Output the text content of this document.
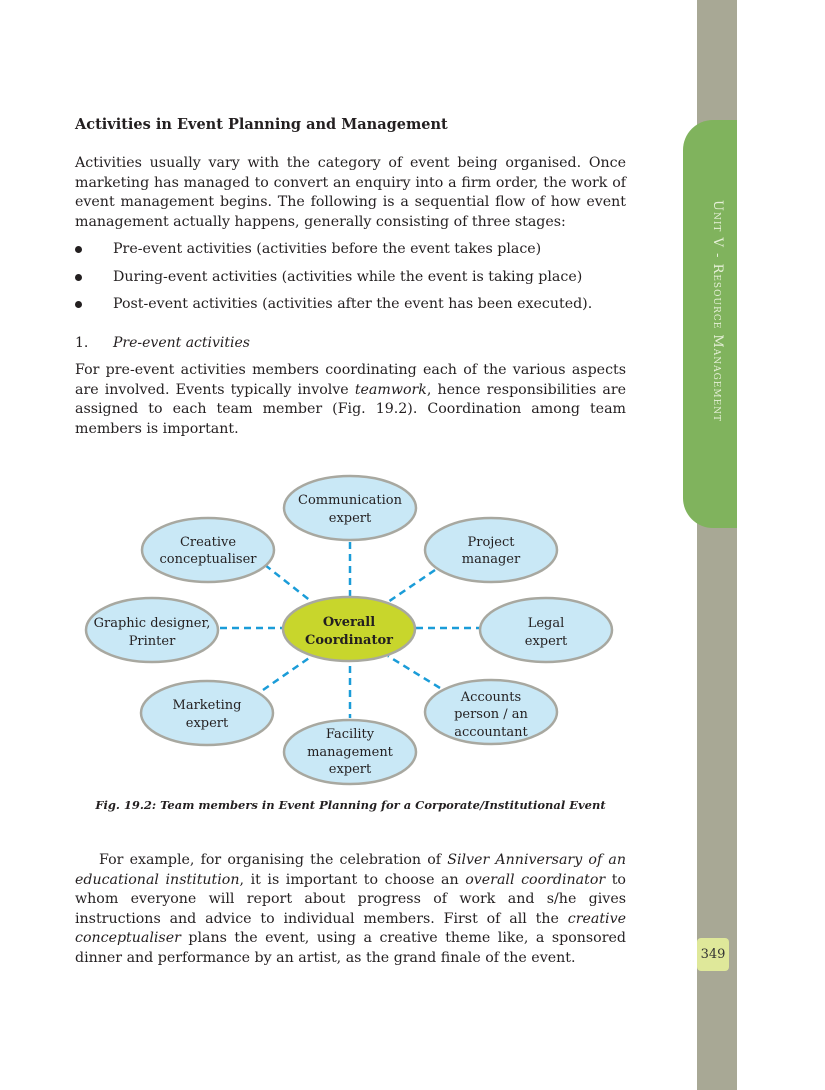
Unit V - Resource Management
349
Activities in Event Planning and Management

Activities usually vary with the category of event being organised. Once marketing has managed to convert an enquiry into a firm order, the work of event management begins. The following is a sequential flow of how event management actually happens, generally consisting of three stages:

Pre-event activities (activities before the event takes place)
During-event activities (activities while the event is taking place)
Post-event activities (activities after the event has been executed).
1. Pre-event activities

For pre-event activities members coordinating each of the various aspects are involved. Events typically involve teamwork, hence responsibilities are assigned to each team member (Fig. 19.2). Coordination among team members is important.

Communication
expert
Creative
conceptualiser
Project
manager
Graphic designer,
Printer
Overall
Coordinator
Legal
expert
Marketing
expert
Accounts
person / an
accountant
Facility
management
expert
Fig. 19.2: Team members in Event Planning for a Corporate/Institutional Event

For example, for organising the celebration of Silver Anniversary of an educational institution, it is important to choose an overall coordinator to whom everyone will report about progress of work and s/he gives instructions and advice to individual members. First of all the creative conceptualiser plans the event, using a creative theme like, a sponsored dinner and performance by an artist, as the grand finale of the event.
